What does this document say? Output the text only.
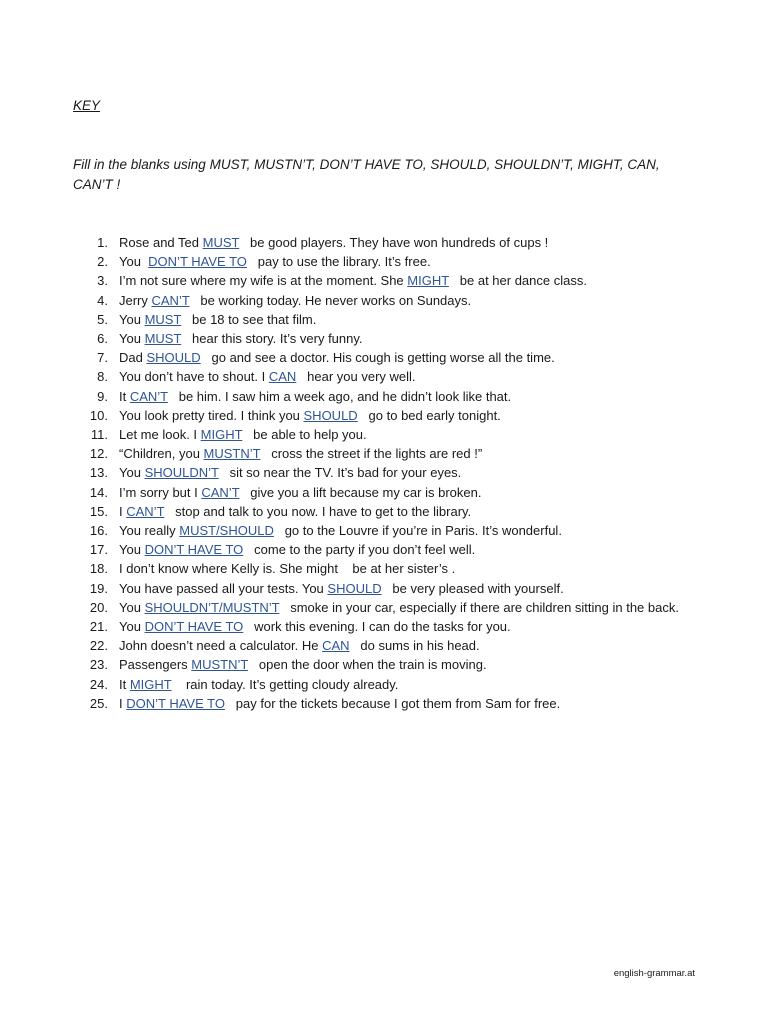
KEY
Fill in the blanks using MUST, MUSTN’T, DON’T HAVE TO, SHOULD, SHOULDN’T, MIGHT, CAN, CAN’T !
1. Rose and Ted MUST   be good players. They have won hundreds of cups !
2. You  DON’T HAVE TO   pay to use the library. It’s free.
3. I’m not sure where my wife is at the moment. She MIGHT   be at her dance class.
4. Jerry CAN’T   be working today. He never works on Sundays.
5. You MUST   be 18 to see that film.
6. You MUST   hear this story. It’s very funny.
7. Dad SHOULD   go and see a doctor. His cough is getting worse all the time.
8. You don’t have to shout. I CAN   hear you very well.
9. It CAN’T   be him. I saw him a week ago, and he didn’t look like that.
10. You look pretty tired. I think you SHOULD   go to bed early tonight.
11. Let me look. I MIGHT   be able to help you.
12. “Children, you MUSTN’T   cross the street if the lights are red !”
13. You SHOULDN’T   sit so near the TV. It’s bad for your eyes.
14. I’m sorry but I CAN’T   give you a lift because my car is broken.
15. I CAN’T   stop and talk to you now. I have to get to the library.
16. You really MUST/SHOULD   go to the Louvre if you’re in Paris. It’s wonderful.
17. You DON’T HAVE TO   come to the party if you don’t feel well.
18. I don’t know where Kelly is. She might    be at her sister’s .
19. You have passed all your tests. You SHOULD   be very pleased with yourself.
20. You SHOULDN’T/MUSTN’T   smoke in your car, especially if there are children sitting in the back.
21. You DON’T HAVE TO   work this evening. I can do the tasks for you.
22. John doesn’t need a calculator. He CAN   do sums in his head.
23. Passengers MUSTN’T   open the door when the train is moving.
24. It MIGHT    rain today. It’s getting cloudy already.
25. I DON’T HAVE TO   pay for the tickets because I got them from Sam for free.
english-grammar.at
